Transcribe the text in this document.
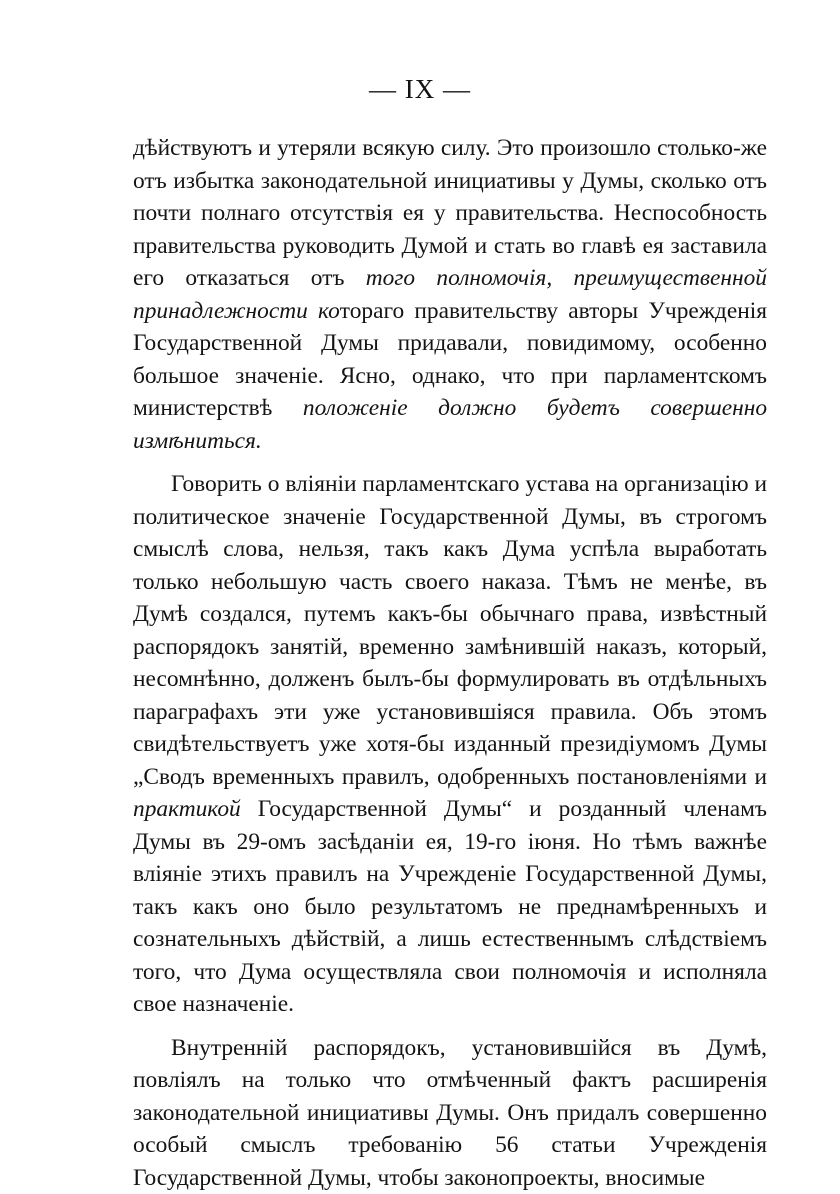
— IX —

дѣйствуютъ и утеряли всякую силу. Это произошло столько-же отъ избытка законодательной инициативы у Думы, сколько отъ почти полнаго отсутствія ея у правительства. Неспособность правительства руководить Думой и стать во главѣ ея заставила его отказаться отъ того полномочія, преимущественной принадлежности котораго правительству авторы Учрежденія Государственной Думы придавали, повидимому, особенно большое значеніе. Ясно, однако, что при парламентскомъ министерствѣ положеніе должно будетъ совершенно измѣниться.

Говорить о вліяніи парламентскаго устава на организацію и политическое значеніе Государственной Думы, въ строгомъ смыслѣ слова, нельзя, такъ какъ Дума успѣла выработать только небольшую часть своего наказа. Тѣмъ не менѣе, въ Думѣ создался, путемъ какъ-бы обычнаго права, извѣстный распорядокъ занятій, временно замѣнившій наказъ, который, несомнѣнно, долженъ былъ-бы формулировать въ отдѣльныхъ параграфахъ эти уже установившіяся правила. Объ этомъ свидѣтельствуетъ уже хотя-бы изданный президіумомъ Думы „Сводъ временныхъ правилъ, одобренныхъ постановленіями и практикой Государственной Думы“ и розданный членамъ Думы въ 29-омъ засѣданіи ея, 19-го іюня. Но тѣмъ важнѣе вліяніе этихъ правилъ на Учрежденіе Государственной Думы, такъ какъ оно было результатомъ не преднамѣренныхъ и сознательныхъ дѣйствій, а лишь естественнымъ слѣдствіемъ того, что Дума осуществляла свои полномочія и исполняла свое назначеніе.

Внутренній распорядокъ, установившійся въ Думѣ, повліялъ на только что отмѣченный фактъ расширенія законодательной инициативы Думы. Онъ придалъ совершенно особый смыслъ требованію 56 статьи Учрежденія Государственной Думы, чтобы законопроекты, вносимые
